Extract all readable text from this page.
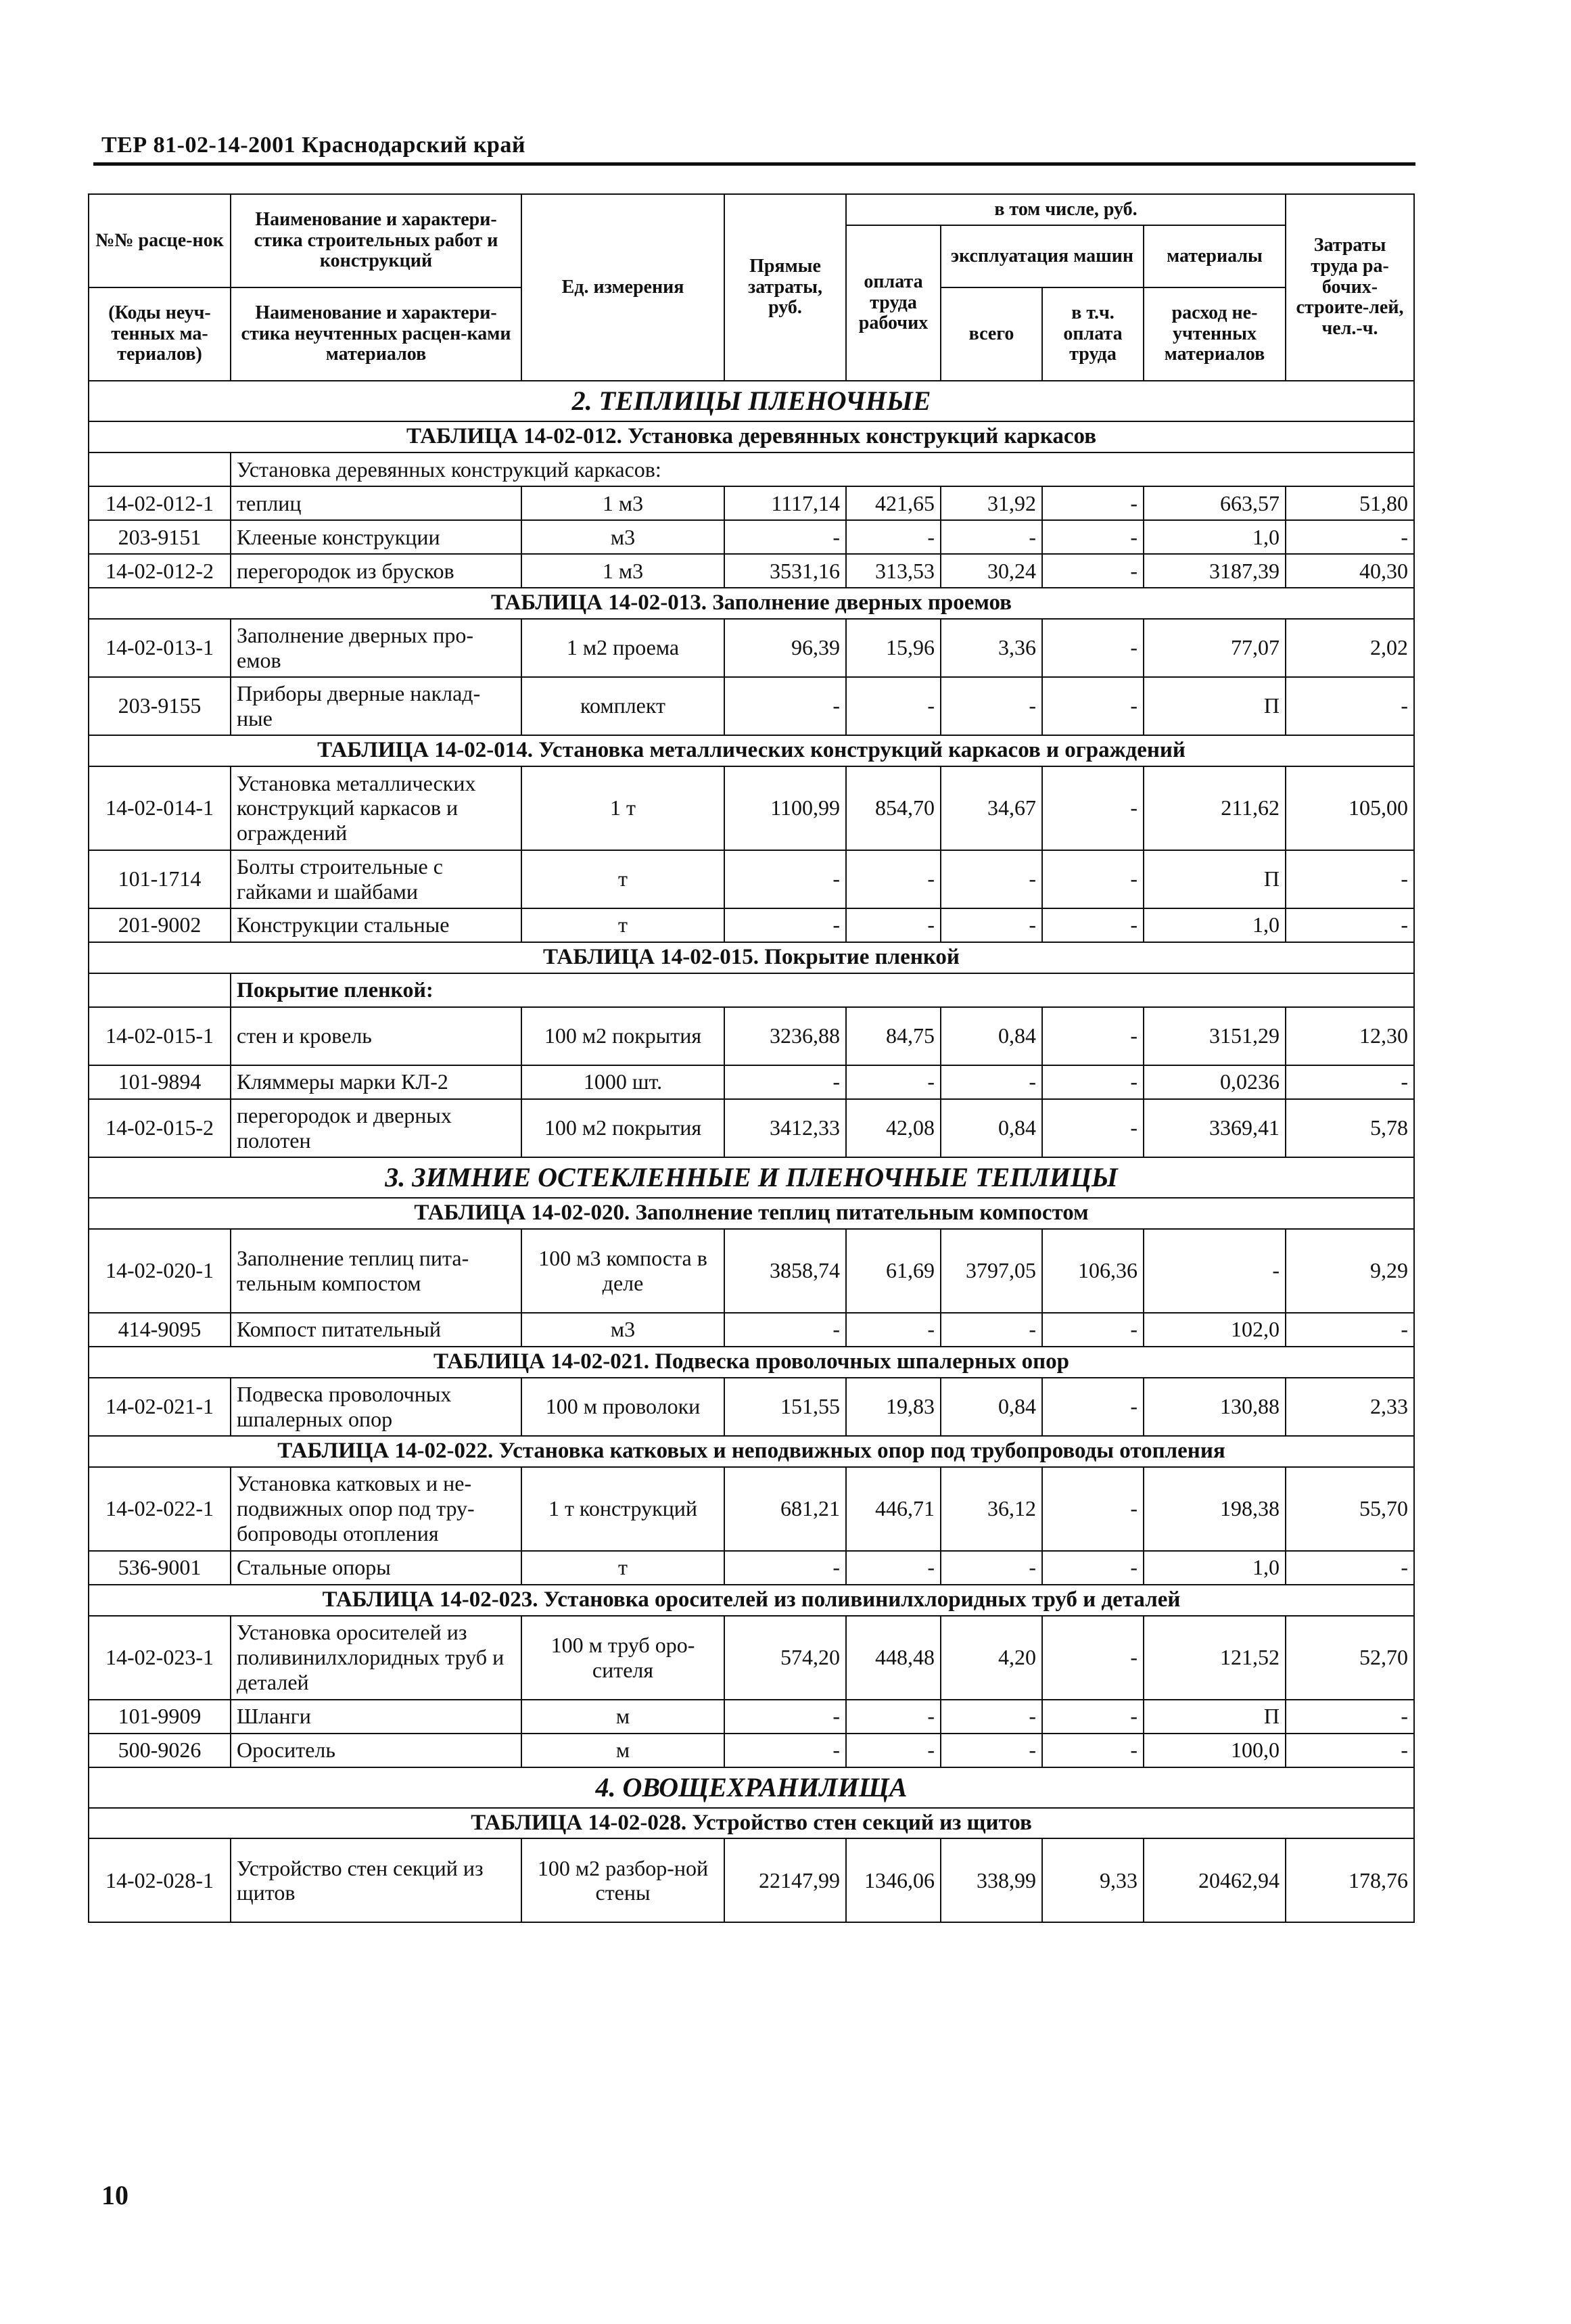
ТЕР 81-02-14-2001 Краснодарский край
№№ расце-нок	Наименование и характери-стика строительных работ и конструкций	Ед. измерения	Прямые затраты, руб.	в том числе, руб.				Затраты труда ра-бочих-строите-лей, чел.-ч.
				оплата труда рабочих	эксплуатация машин		материалы	

(Коды неуч-тенных ма-териалов)	Наименование и характери-стика неучтенных расцен-ками материалов				всего	в т.ч. оплата труда	расход не-учтенных материалов	

2. ТЕПЛИЦЫ ПЛЕНОЧНЫЕ								
ТАБЛИЦА 14-02-012. Установка деревянных конструкций каркасов								
	Установка деревянных конструкций каркасов:							
14-02-012-1	теплиц	1 м3	1117,14	421,65	31,92	-	663,57	51,80
203-9151	Клееные конструкции	м3	-	-	-	-	1,0	-
14-02-012-2	перегородок из брусков	1 м3	3531,16	313,53	30,24	-	3187,39	40,30
ТАБЛИЦА 14-02-013. Заполнение дверных проемов								
14-02-013-1	Заполнение дверных про-емов	1 м2 проема	96,39	15,96	3,36	-	77,07	2,02
203-9155	Приборы дверные наклад-ные	комплект	-	-	-	-	П	-
ТАБЛИЦА 14-02-014. Установка металлических конструкций каркасов и ограждений								
14-02-014-1	Установка металлических конструкций каркасов и ограждений	1 т	1100,99	854,70	34,67	-	211,62	105,00
101-1714	Болты строительные с гайками и шайбами	т	-	-	-	-	П	-
201-9002	Конструкции стальные	т	-	-	-	-	1,0	-
ТАБЛИЦА 14-02-015. Покрытие пленкой								
	Покрытие пленкой:							
14-02-015-1	стен и кровель	100 м2 покрытия	3236,88	84,75	0,84	-	3151,29	12,30
101-9894	Кляммеры марки КЛ-2	1000 шт.	-	-	-	-	0,0236	-
14-02-015-2	перегородок и дверных полотен	100 м2 покрытия	3412,33	42,08	0,84	-	3369,41	5,78
3. ЗИМНИЕ ОСТЕКЛЕННЫЕ И ПЛЕНОЧНЫЕ ТЕПЛИЦЫ								
ТАБЛИЦА 14-02-020. Заполнение теплиц питательным компостом								
14-02-020-1	Заполнение теплиц пита-тельным компостом	100 м3 компоста в деле	3858,74	61,69	3797,05	106,36	-	9,29
414-9095	Компост питательный	м3	-	-	-	-	102,0	-
ТАБЛИЦА 14-02-021. Подвеска проволочных шпалерных опор								
14-02-021-1	Подвеска проволочных шпалерных опор	100 м проволоки	151,55	19,83	0,84	-	130,88	2,33
ТАБЛИЦА 14-02-022. Установка катковых и неподвижных опор под трубопроводы отопления								
14-02-022-1	Установка катковых и не-подвижных опор под тру-бопроводы отопления	1 т конструкций	681,21	446,71	36,12	-	198,38	55,70
536-9001	Стальные опоры	т	-	-	-	-	1,0	-
ТАБЛИЦА 14-02-023. Установка оросителей из поливинилхлоридных труб и деталей								
14-02-023-1	Установка оросителей из поливинилхлоридных труб и деталей	100 м труб оро-сителя	574,20	448,48	4,20	-	121,52	52,70
101-9909	Шланги	м	-	-	-	-	П	-
500-9026	Ороситель	м	-	-	-	-	100,0	-
4. ОВОЩЕХРАНИЛИЩА								
ТАБЛИЦА 14-02-028. Устройство стен секций из щитов								
14-02-028-1	Устройство стен секций из щитов	100 м2 разбор-ной стены	22147,99	1346,06	338,99	9,33	20462,94	178,76
10
